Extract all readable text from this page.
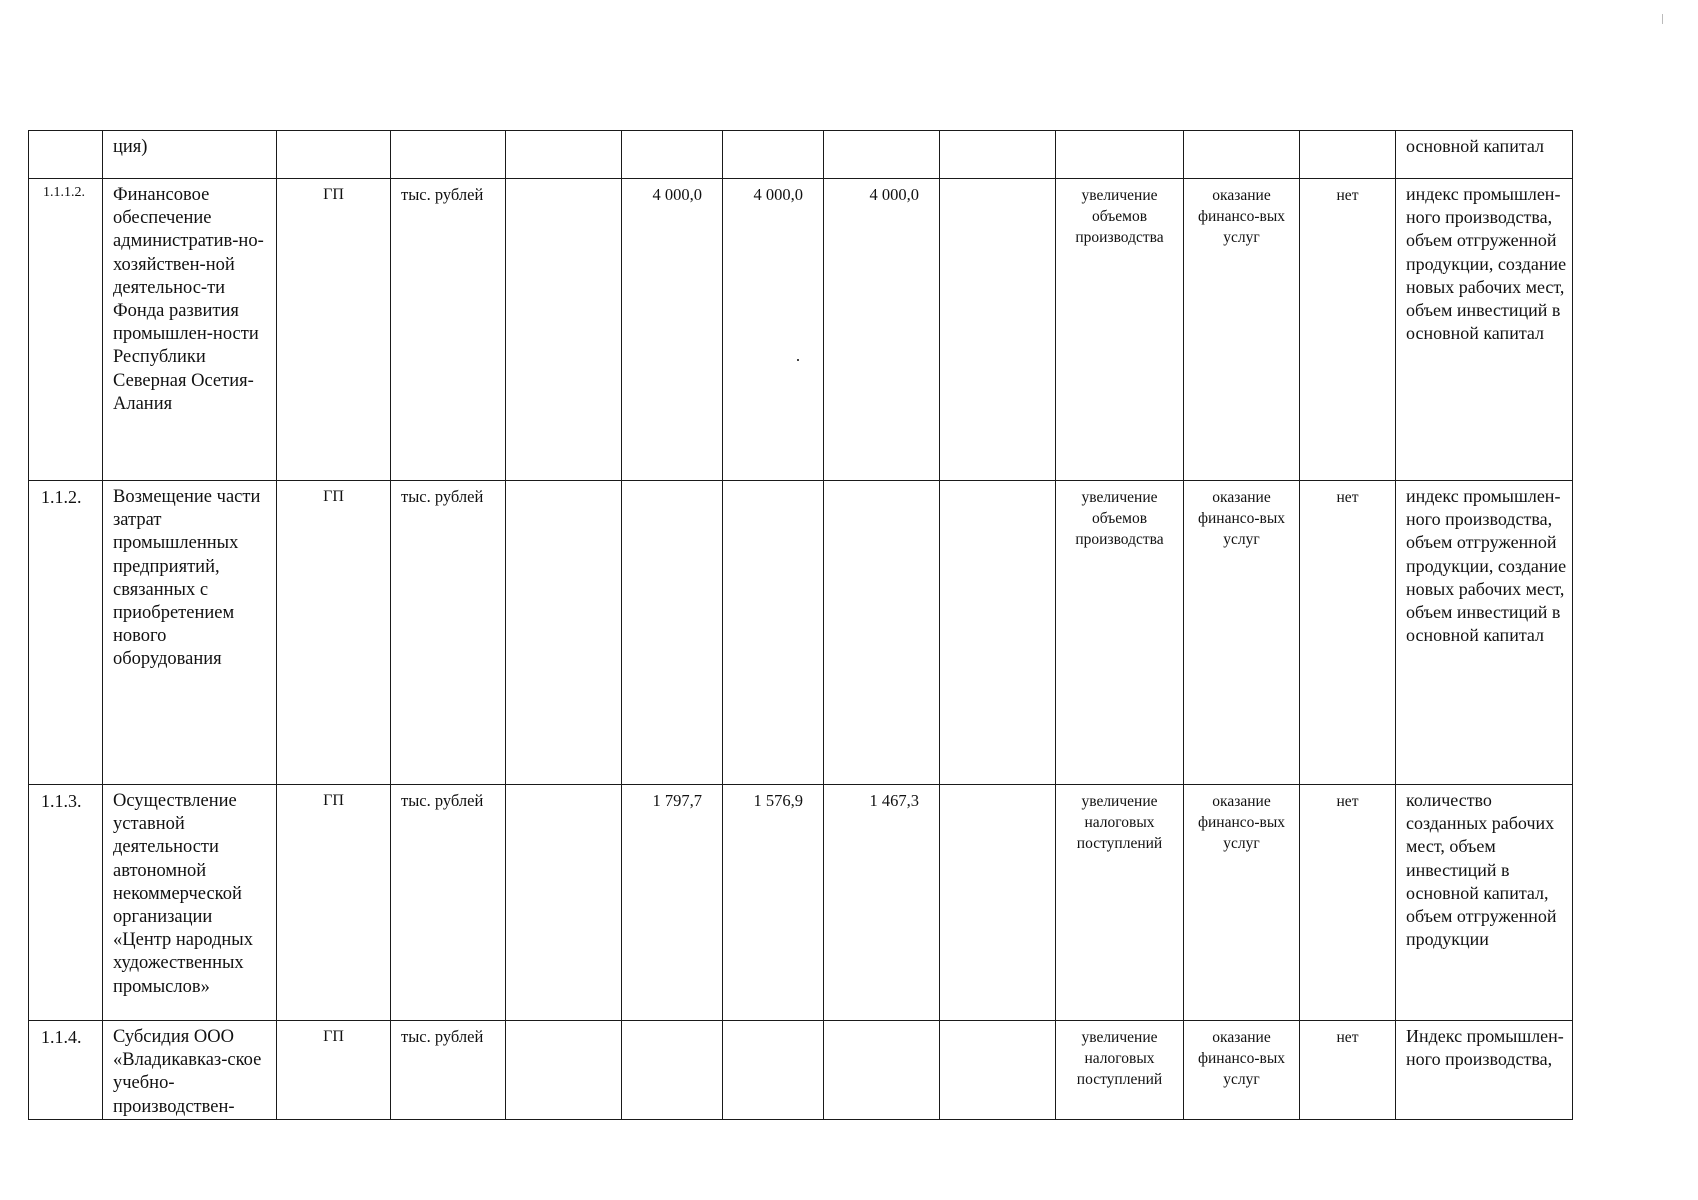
	ция)											основной капитал

1.1.1.2.	Финансовое обеспечение административ-но-хозяйствен-ной деятельнос-ти Фонда развития промышлен-ности Республики Северная Осетия-Алания	ГП	тыс. рублей		4 000,0	4 000,0	4 000,0		увеличение объемов производства	оказание финансо-вых услуг	нет	индекс промышлен-ного производства, объем отгруженной продукции, создание новых рабочих мест, объем инвестиций в основной капитал

1.1.2.	Возмещение части затрат промышленных предприятий, связанных с приобретением нового оборудования	ГП	тыс. рублей						увеличение объемов производства	оказание финансо-вых услуг	нет	индекс промышлен-ного производства, объем отгруженной продукции, создание новых рабочих мест, объем инвестиций в основной капитал

1.1.3.	Осуществление уставной деятельности автономной некоммерческой организации «Центр народных художественных промыслов»	ГП	тыс. рублей		1 797,7	1 576,9	1 467,3		увеличение налоговых поступлений	оказание финансо-вых услуг	нет	количество созданных рабочих мест, объем инвестиций в основной капитал, объем отгруженной продукции

1.1.4.	Субсидия ООО «Владикавказ-ское учебно-производствен-	ГП	тыс. рублей						увеличение налоговых поступлений	оказание финансо-вых услуг	нет	Индекс промышлен-ного производства,
